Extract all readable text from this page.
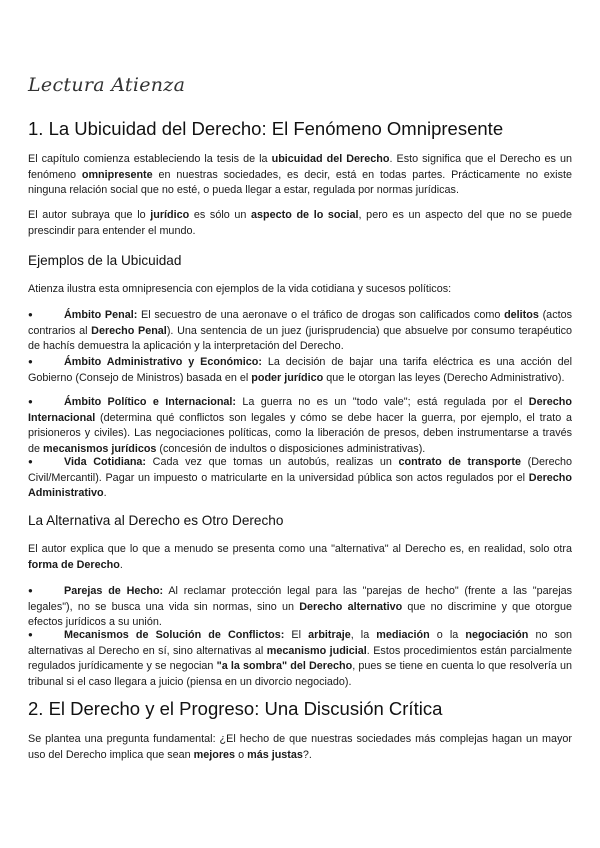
Lectura Atienza
1. La Ubicuidad del Derecho: El Fenómeno Omnipresente
El capítulo comienza estableciendo la tesis de la ubicuidad del Derecho. Esto significa que el Derecho es un fenómeno omnipresente en nuestras sociedades, es decir, está en todas partes. Prácticamente no existe ninguna relación social que no esté, o pueda llegar a estar, regulada por normas jurídicas.
El autor subraya que lo jurídico es sólo un aspecto de lo social, pero es un aspecto del que no se puede prescindir para entender el mundo.
Ejemplos de la Ubicuidad
Atienza ilustra esta omnipresencia con ejemplos de la vida cotidiana y sucesos políticos:
●	Ámbito Penal: El secuestro de una aeronave o el tráfico de drogas son calificados como delitos (actos contrarios al Derecho Penal). Una sentencia de un juez (jurisprudencia) que absuelve por consumo terapéutico de hachís demuestra la aplicación y la interpretación del Derecho.
●	Ámbito Administrativo y Económico: La decisión de bajar una tarifa eléctrica es una acción del Gobierno (Consejo de Ministros) basada en el poder jurídico que le otorgan las leyes (Derecho Administrativo).
●	Ámbito Político e Internacional: La guerra no es un "todo vale"; está regulada por el Derecho Internacional (determina qué conflictos son legales y cómo se debe hacer la guerra, por ejemplo, el trato a prisioneros y civiles). Las negociaciones políticas, como la liberación de presos, deben instrumentarse a través de mecanismos jurídicos (concesión de indultos o disposiciones administrativas).
●	Vida Cotidiana: Cada vez que tomas un autobús, realizas un contrato de transporte (Derecho Civil/Mercantil). Pagar un impuesto o matricularte en la universidad pública son actos regulados por el Derecho Administrativo.
La Alternativa al Derecho es Otro Derecho
El autor explica que lo que a menudo se presenta como una "alternativa" al Derecho es, en realidad, solo otra forma de Derecho.
●	Parejas de Hecho: Al reclamar protección legal para las "parejas de hecho" (frente a las "parejas legales"), no se busca una vida sin normas, sino un Derecho alternativo que no discrimine y que otorgue efectos jurídicos a su unión.
●	Mecanismos de Solución de Conflictos: El arbitraje, la mediación o la negociación no son alternativas al Derecho en sí, sino alternativas al mecanismo judicial. Estos procedimientos están parcialmente regulados jurídicamente y se negocian "a la sombra" del Derecho, pues se tiene en cuenta lo que resolvería un tribunal si el caso llegara a juicio (piensa en un divorcio negociado).
2. El Derecho y el Progreso: Una Discusión Crítica
Se plantea una pregunta fundamental: ¿El hecho de que nuestras sociedades más complejas hagan un mayor uso del Derecho implica que sean mejores o más justas?.
